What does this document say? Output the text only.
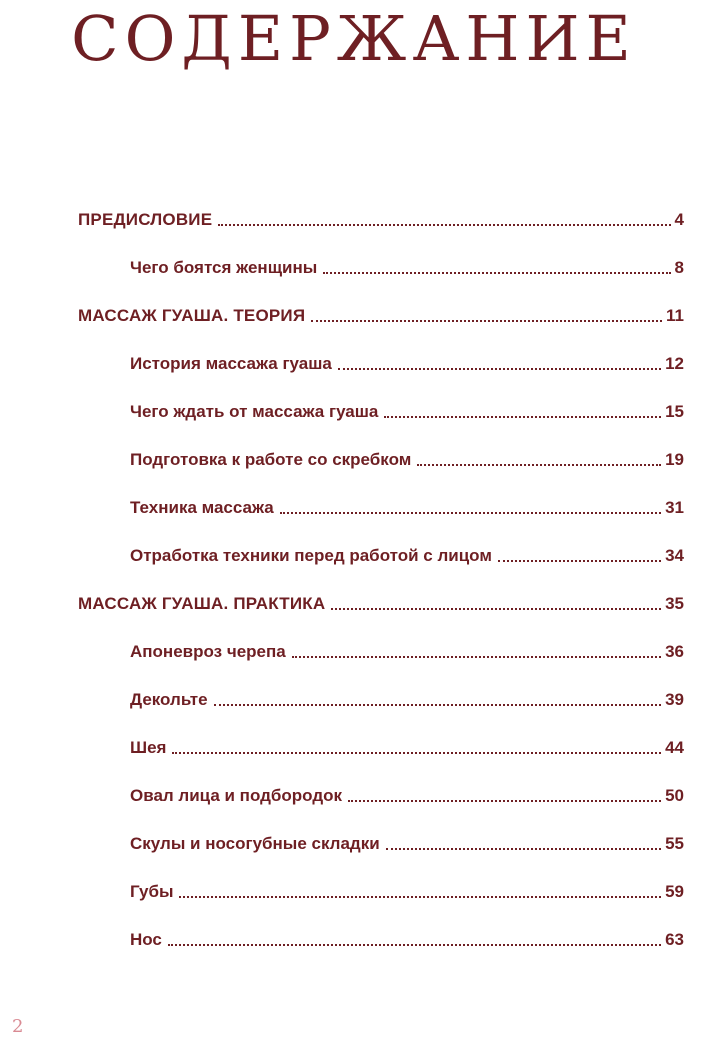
СОДЕРЖАНИЕ
ПРЕДИСЛОВИЕ	4
Чего боятся женщины	8
МАССАЖ ГУАША. ТЕОРИЯ	11
История массажа гуаша	12
Чего ждать от массажа гуаша	15
Подготовка к работе со скребком	19
Техника массажа	31
Отработка техники перед работой с лицом	34
МАССАЖ ГУАША. ПРАКТИКА	35
Апоневроз черепа	36
Декольте	39
Шея	44
Овал лица и подбородок	50
Скулы и носогубные складки	55
Губы	59
Нос	63
2
